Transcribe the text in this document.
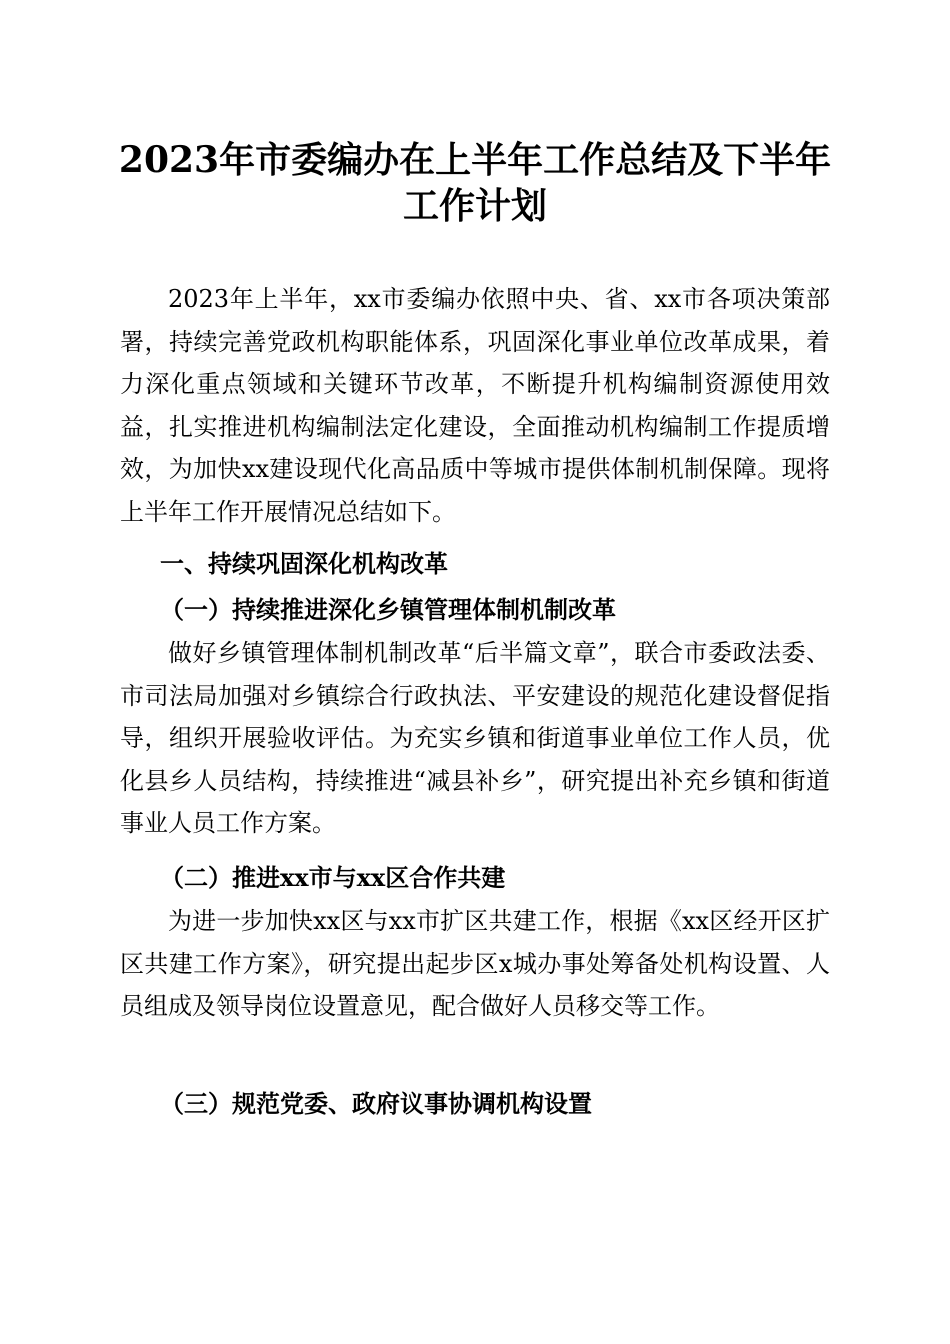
2023年市委编办在上半年工作总结及下半年
工作计划

2023年上半年，xx市委编办依照中央、省、xx市各项决策部署，持续完善党政机构职能体系，巩固深化事业单位改革成果，着力深化重点领域和关键环节改革，不断提升机构编制资源使用效益，扎实推进机构编制法定化建设，全面推动机构编制工作提质增效，为加快xx建设现代化高品质中等城市提供体制机制保障。现将上半年工作开展情况总结如下。

一、持续巩固深化机构改革
（一）持续推进深化乡镇管理体制机制改革

做好乡镇管理体制机制改革“后半篇文章”，联合市委政法委、市司法局加强对乡镇综合行政执法、平安建设的规范化建设督促指导，组织开展验收评估。为充实乡镇和街道事业单位工作人员，优化县乡人员结构，持续推进“减县补乡”，研究提出补充乡镇和街道事业人员工作方案。

（二）推进xx市与xx区合作共建

为进一步加快xx区与xx市扩区共建工作，根据《xx区经开区扩区共建工作方案》，研究提出起步区x城办事处筹备处机构设置、人员组成及领导岗位设置意见，配合做好人员移交等工作。

（三）规范党委、政府议事协调机构设置
